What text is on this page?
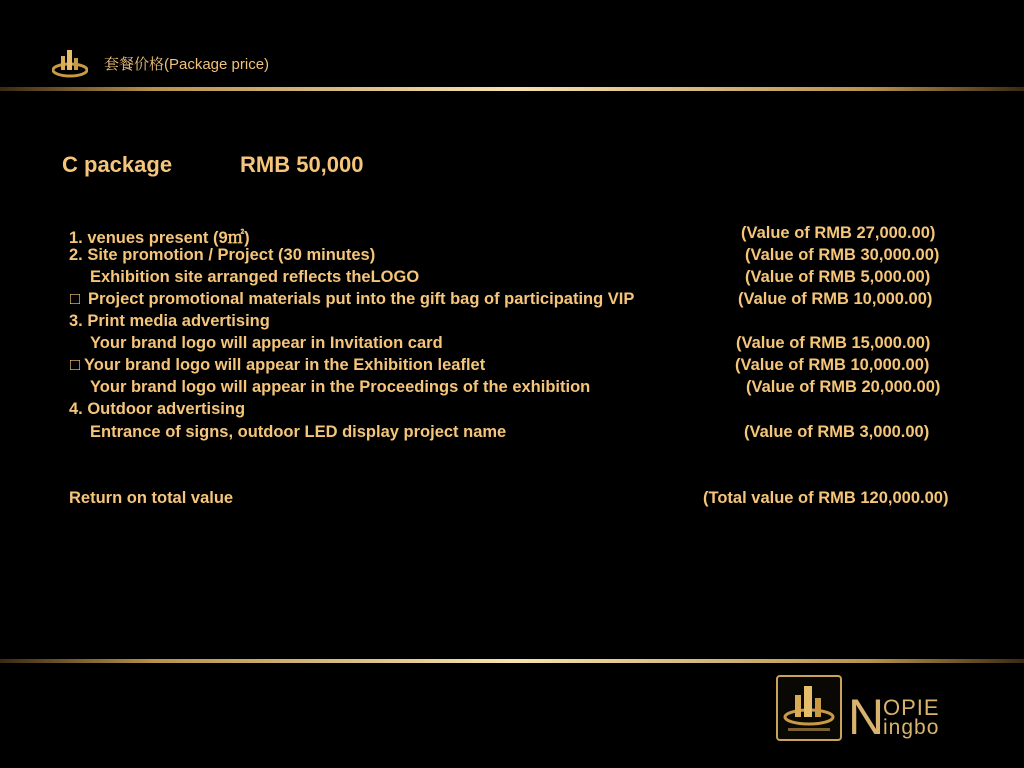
套餐价格(Package price)
C package	RMB 50,000
1. venues present (9㎡)	(Value of RMB 27,000.00)
2. Site promotion / Project (30 minutes)	(Value of RMB 30,000.00)
Exhibition site arranged reflects theLOGO	(Value of RMB 5,000.00)
□ Project promotional materials put into the gift bag of participating VIP	(Value of RMB 10,000.00)
3. Print media advertising
Your brand logo will appear in Invitation card	(Value of RMB 15,000.00)
□ Your brand logo will appear in the Exhibition leaflet	(Value of RMB 10,000.00)
Your brand logo will appear in the Proceedings of the exhibition	(Value of RMB 20,000.00)
4. Outdoor advertising
Entrance of signs, outdoor LED display project name	(Value of RMB 3,000.00)
Return on total value	(Total value of RMB 120,000.00)
N
OPIE
ingbo
